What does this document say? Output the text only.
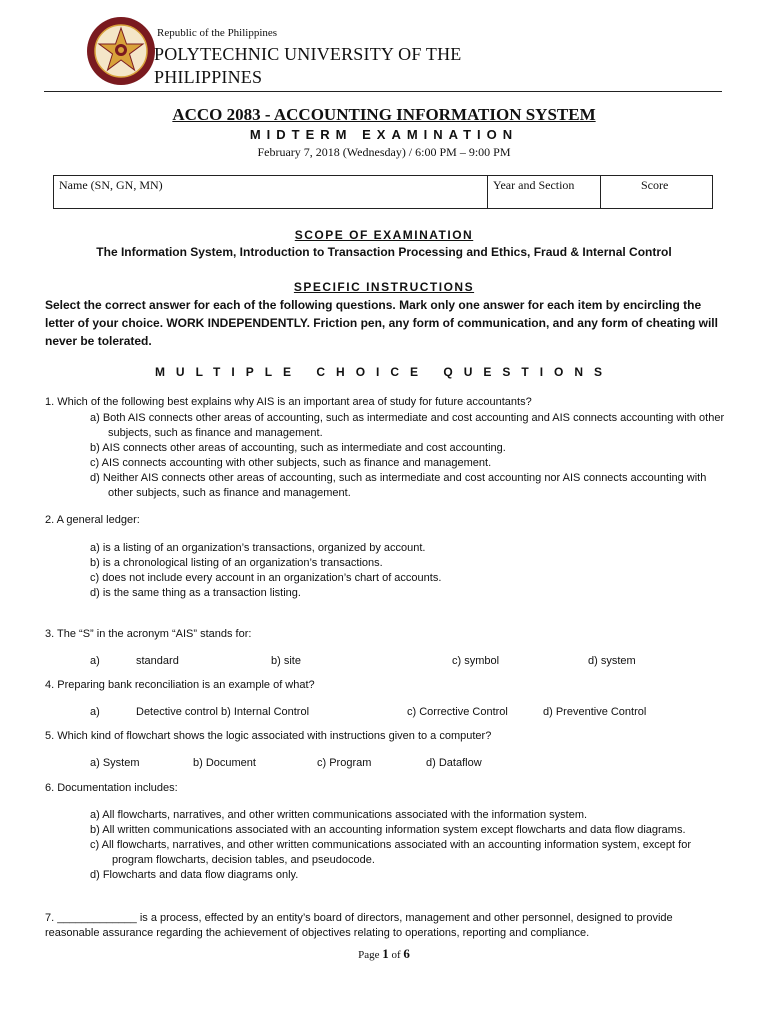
Republic of the Philippines
POLYTECHNIC UNIVERSITY OF THE
PHILIPPINES
ACCO 2083 - ACCOUNTING INFORMATION SYSTEM
MIDTERM EXAMINATION
February 7, 2018 (Wednesday) / 6:00 PM – 9:00 PM
Name (SN, GN, MN)	Year and Section	Score
SCOPE OF EXAMINATION
The Information System, Introduction to Transaction Processing and Ethics, Fraud & Internal Control
SPECIFIC INSTRUCTIONS
Select the correct answer for each of the following questions. Mark only one answer for each item by encircling the letter of your choice. WORK INDEPENDENTLY. Friction pen, any form of communication, and any form of cheating will never be tolerated.
MULTIPLE CHOICE QUESTIONS
1. Which of the following best explains why AIS is an important area of study for future accountants?
a) Both AIS connects other areas of accounting, such as intermediate and cost accounting and AIS connects accounting with other subjects, such as finance and management.
b) AIS connects other areas of accounting, such as intermediate and cost accounting.
c) AIS connects accounting with other subjects, such as finance and management.
d) Neither AIS connects other areas of accounting, such as intermediate and cost accounting nor AIS connects accounting with other subjects, such as finance and management.
2. A general ledger:
a) is a listing of an organization’s transactions, organized by account.
b) is a chronological listing of an organization’s transactions.
c) does not include every account in an organization’s chart of accounts.
d) is the same thing as a transaction listing.
3. The “S” in the acronym “AIS” stands for:
a)	standard	b) site	c) symbol	d) system
4. Preparing bank reconciliation is an example of what?
a)	Detective control b) Internal Control	c) Corrective Control	d) Preventive Control
5. Which kind of flowchart shows the logic associated with instructions given to a computer?
a) System	b) Document	c) Program	d) Dataflow
6. Documentation includes:
a) All flowcharts, narratives, and other written communications associated with the information system.
b) All written communications associated with an accounting information system except flowcharts and data flow diagrams.
c) All flowcharts, narratives, and other written communications associated with an accounting information system, except for program flowcharts, decision tables, and pseudocode.
d) Flowcharts and data flow diagrams only.
7. _____________ is a process, effected by an entity’s board of directors, management and other personnel, designed to provide reasonable assurance regarding the achievement of objectives relating to operations, reporting and compliance.
Page 1 of 6
